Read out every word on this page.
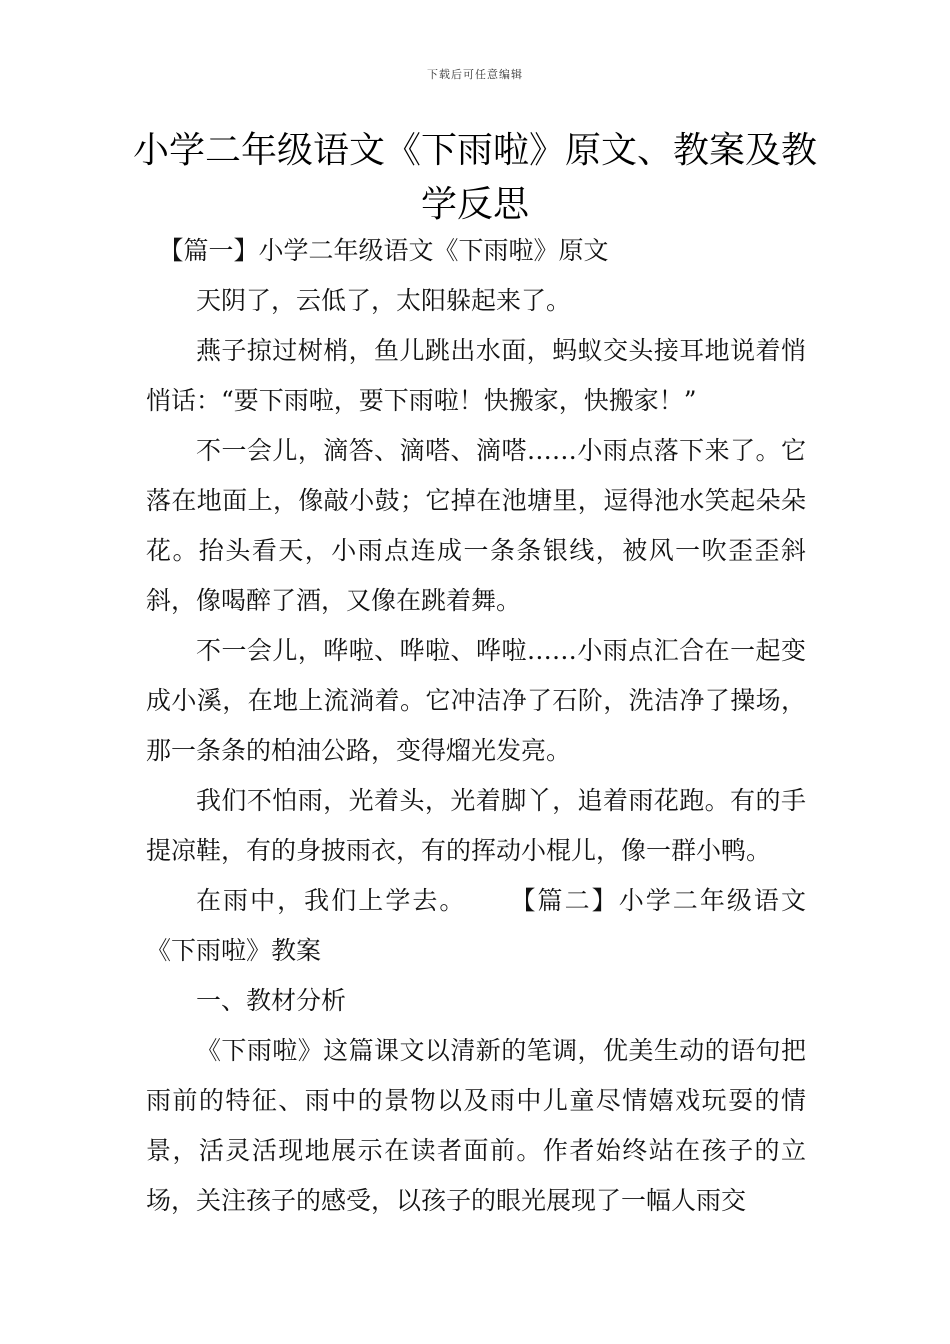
下载后可任意编辑
小学二年级语文《下雨啦》原文、教案及教学反思

【篇一】小学二年级语文《下雨啦》原文

天阴了，云低了，太阳躲起来了。

燕子掠过树梢，鱼儿跳出水面，蚂蚁交头接耳地说着悄悄话：“要下雨啦，要下雨啦！快搬家，快搬家！”

不一会儿，滴答、滴嗒、滴嗒……小雨点落下来了。它落在地面上，像敲小鼓；它掉在池塘里，逗得池水笑起朵朵花。抬头看天，小雨点连成一条条银线，被风一吹歪歪斜斜，像喝醉了酒，又像在跳着舞。

不一会儿，哗啦、哗啦、哗啦……小雨点汇合在一起变成小溪，在地上流淌着。它冲洁净了石阶，洗洁净了操场，那一条条的柏油公路，变得熘光发亮。

我们不怕雨，光着头，光着脚丫，追着雨花跑。有的手提凉鞋，有的身披雨衣，有的挥动小棍儿，像一群小鸭。

在雨中，我们上学去。 【篇二】小学二年级语文《下雨啦》教案

一、教材分析

《下雨啦》这篇课文以清新的笔调，优美生动的语句把雨前的特征、雨中的景物以及雨中儿童尽情嬉戏玩耍的情景，活灵活现地展示在读者面前。作者始终站在孩子的立场，关注孩子的感受，以孩子的眼光展现了一幅人雨交
